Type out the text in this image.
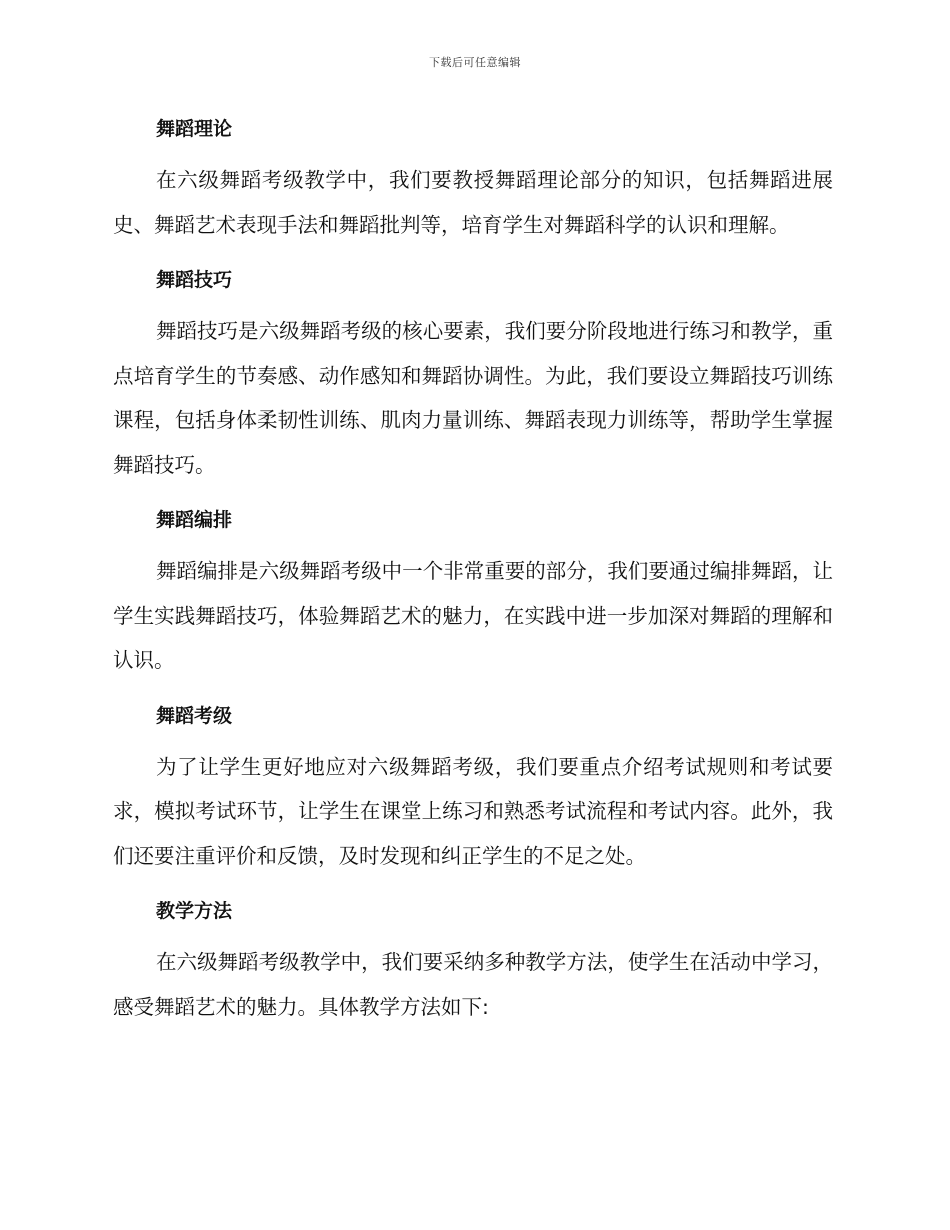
下载后可任意编辑
舞蹈理论

在六级舞蹈考级教学中，我们要教授舞蹈理论部分的知识，包括舞蹈进展史、舞蹈艺术表现手法和舞蹈批判等，培育学生对舞蹈科学的认识和理解。

舞蹈技巧

舞蹈技巧是六级舞蹈考级的核心要素，我们要分阶段地进行练习和教学，重点培育学生的节奏感、动作感知和舞蹈协调性。为此，我们要设立舞蹈技巧训练课程，包括身体柔韧性训练、肌肉力量训练、舞蹈表现力训练等，帮助学生掌握舞蹈技巧。

舞蹈编排

舞蹈编排是六级舞蹈考级中一个非常重要的部分，我们要通过编排舞蹈，让学生实践舞蹈技巧，体验舞蹈艺术的魅力，在实践中进一步加深对舞蹈的理解和认识。

舞蹈考级

为了让学生更好地应对六级舞蹈考级，我们要重点介绍考试规则和考试要求，模拟考试环节，让学生在课堂上练习和熟悉考试流程和考试内容。此外，我们还要注重评价和反馈，及时发现和纠正学生的不足之处。

教学方法

在六级舞蹈考级教学中，我们要采纳多种教学方法，使学生在活动中学习，感受舞蹈艺术的魅力。具体教学方法如下:
